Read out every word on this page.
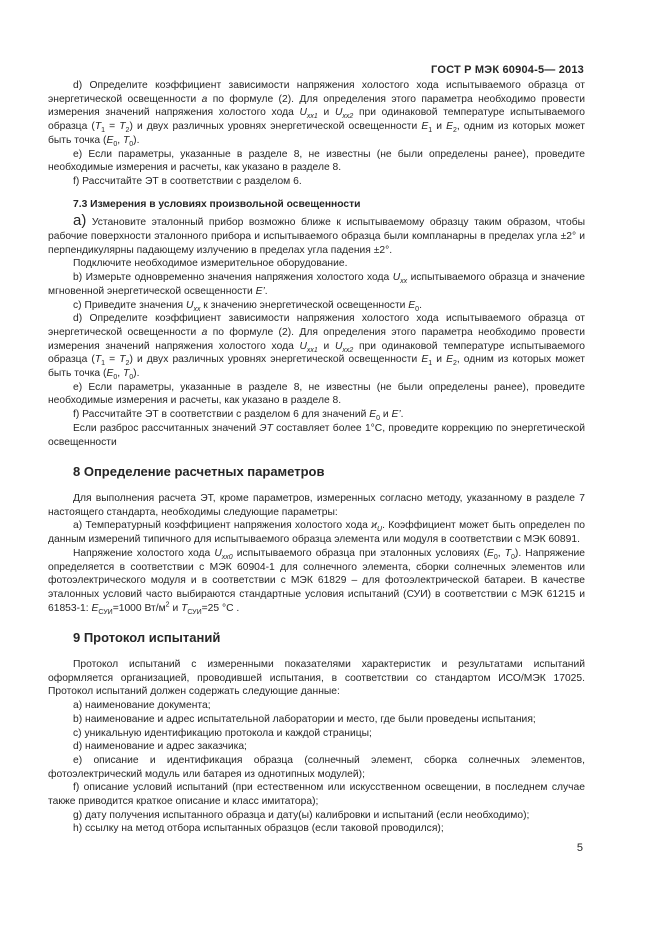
ГОСТ Р МЭК 60904-5— 2013

d) Определите коэффициент зависимости напряжения холостого хода испытываемого образца от энергетической освещенности a по формуле (2). Для определения этого параметра необходимо провести измерения значений напряжения холостого хода $U_{xx1}$ и $U_{xx2}$ при одинаковой температуре испытываемого образца $(T_1 = T_2)$ и двух различных уровнях энергетической освещенности $E_1$ и $E_2$, одним из которых может быть точка ($E_0$, $T_0$).

е) Если параметры, указанные в разделе 8, не известны (не были определены ранее), проведите необходимые измерения и расчеты, как указано в разделе 8.

f) Рассчитайте ЭТ в соответствии с разделом 6.

7.3 Измерения в условиях произвольной освещенности

а) Установите эталонный прибор возможно ближе к испытываемому образцу таким образом, чтобы рабочие поверхности эталонного прибора и испытываемого образца были компланарны в пределах угла ±2° и перпендикулярны падающему излучению в пределах угла падения ±2°.

Подключите необходимое измерительное оборудование.

b) Измерьте одновременно значения напряжения холостого хода $U_{xx}$ испытываемого образца и значение мгновенной энергетической освещенности E’.

с) Приведите значения $U_{xx}$ к значению энергетической освещенности $E_0$.

d) Определите коэффициент зависимости напряжения холостого хода испытываемого образца от энергетической освещенности a по формуле (2). Для определения этого параметра необходимо провести измерения значений напряжения холостого хода $U_{xx1}$ и $U_{xx2}$ при одинаковой температуре испытываемого образца $(T_1 = T_2)$ и двух различных уровнях энергетической освещенности $E_1$ и $E_2$, одним из которых может быть точка ($E_0$, $T_0$).

е) Если параметры, указанные в разделе 8, не известны (не были определены ранее), проведите необходимые измерения и расчеты, как указано в разделе 8.

f) Рассчитайте ЭТ в соответствии с разделом 6 для значений $E_0$ и E’.

Если разброс рассчитанных значений ЭТ составляет более 1°С, проведите коррекцию по энергетической освещенности

8 Определение расчетных параметров

Для выполнения расчета ЭТ, кроме параметров, измеренных согласно методу, указанному в разделе 7 настоящего стандарта, необходимы следующие параметры:

а) Температурный коэффициент напряжения холостого хода $ϰ_U$. Коэффициент может быть определен по данным измерений типичного для испытываемого образца элемента или модуля в соответствии с МЭК 60891.

Напряжение холостого хода $U_{xx0}$ испытываемого образца при эталонных условиях ($E_0$, $T_0$). Напряжение определяется в соответствии с МЭК 60904-1 для солнечного элемента, сборки солнечных элементов или фотоэлектрического модуля и в соответствии с МЭК 61829 – для фотоэлектрической батареи. В качестве эталонных условий часто выбираются стандартные условия испытаний (СУИ) в соответствии с МЭК 61215 и 61853-1: $E_{СУИ}=1000$ $Вт/м^2$ и $T_{СУИ}=25$ °С .

9 Протокол испытаний

Протокол испытаний с измеренными показателями характеристик и результатами испытаний оформляется организацией, проводившей испытания, в соответствии со стандартом ИСО/МЭК 17025. Протокол испытаний должен содержать следующие данные:

а) наименование документа;

b) наименование и адрес испытательной лаборатории и место, где были проведены испытания;

с) уникальную идентификацию протокола и каждой страницы;

d) наименование и адрес заказчика;

е) описание и идентификация образца (солнечный элемент, сборка солнечных элементов, фотоэлектрический модуль или батарея из однотипных модулей);

f) описание условий испытаний (при естественном или искусственном освещении, в последнем случае также приводится краткое описание и класс имитатора);

g) дату получения испытанного образца и дату(ы) калибровки и испытаний (если необходимо);

h) ссылку на метод отбора испытанных образцов (если таковой проводился);

5
